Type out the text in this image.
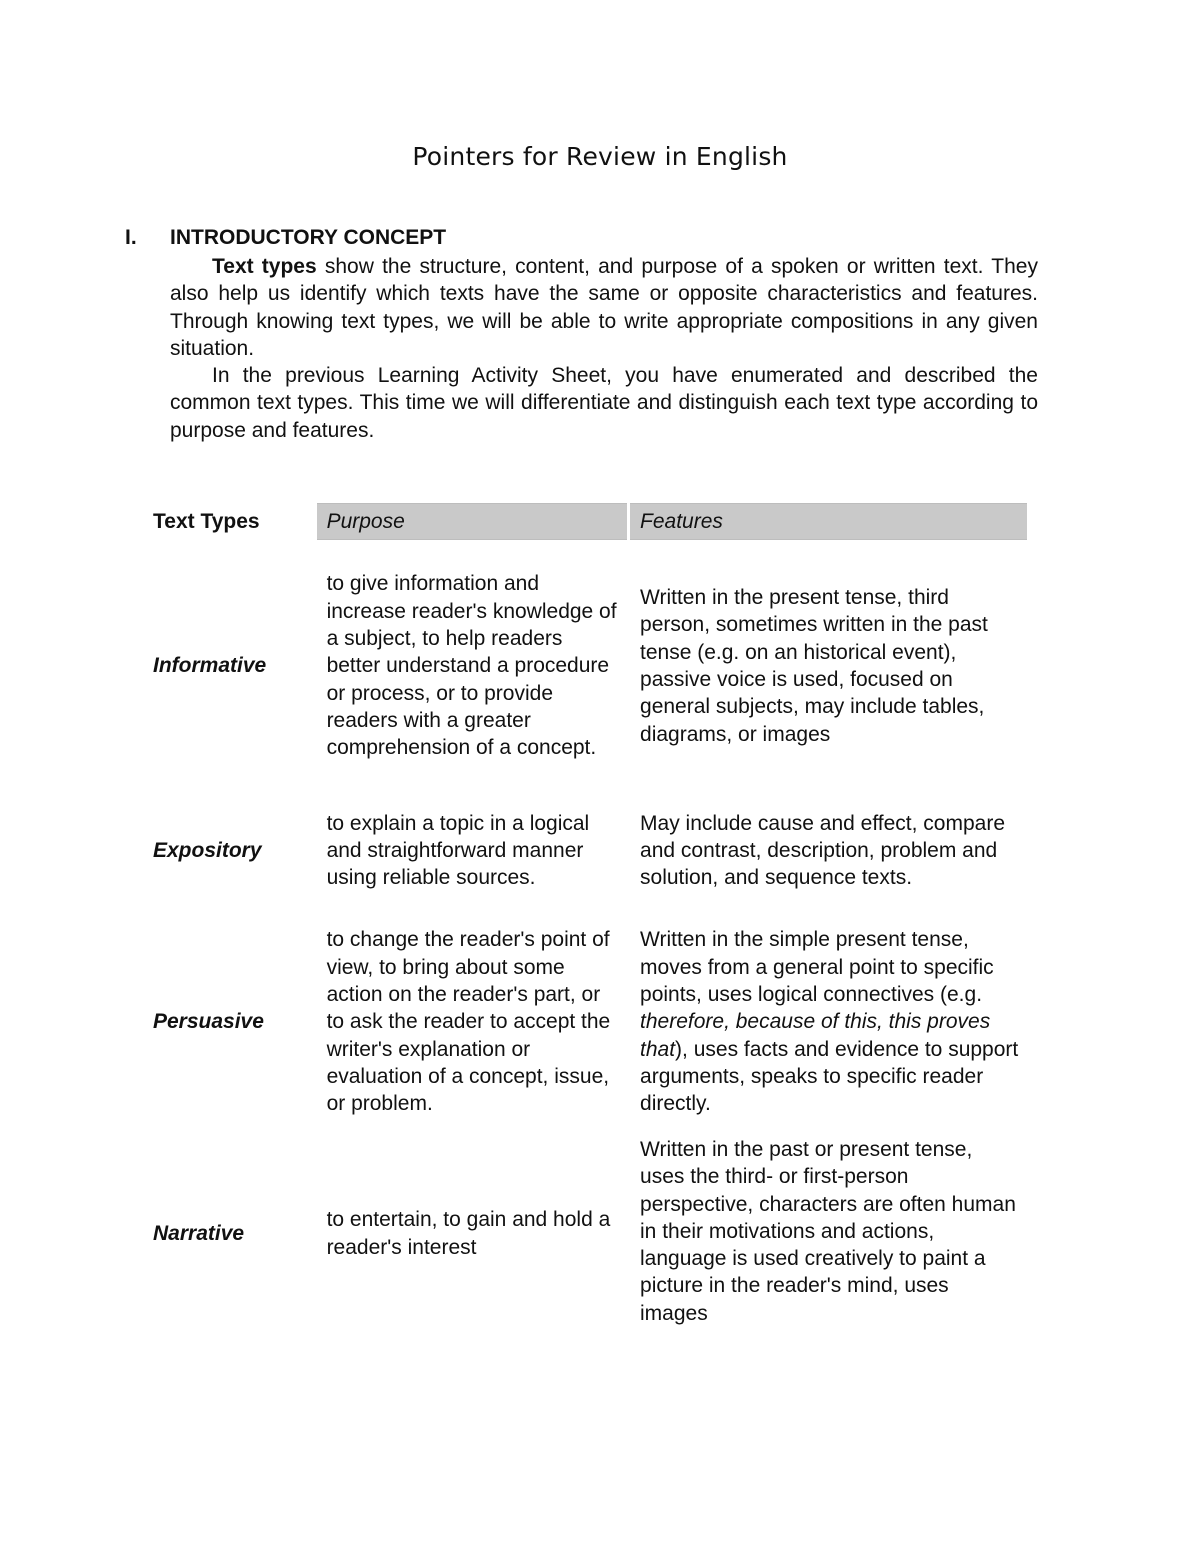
Pointers for Review in English
I. INTRODUCTORY CONCEPT

Text types show the structure, content, and purpose of a spoken or written text. They also help us identify which texts have the same or opposite characteristics and features. Through knowing text types, we will be able to write appropriate compositions in any given situation.

In the previous Learning Activity Sheet, you have enumerated and described the common text types. This time we will differentiate and distinguish each text type according to purpose and features.

Text Types	Purpose	Features
Informative	to give information and increase reader's knowledge of a subject, to help readers better understand a procedure or process, or to provide readers with a greater comprehension of a concept.	Written in the present tense, third person, sometimes written in the past tense (e.g. on an historical event), passive voice is used, focused on general subjects, may include tables, diagrams, or images
Expository	to explain a topic in a logical and straightforward manner using reliable sources.	May include cause and effect, compare and contrast, description, problem and solution, and sequence texts.
Persuasive	to change the reader's point of view, to bring about some action on the reader's part, or to ask the reader to accept the writer's explanation or evaluation of a concept, issue, or problem.	Written in the simple present tense, moves from a general point to specific points, uses logical connectives (e.g. therefore, because of this, this proves that), uses facts and evidence to support arguments, speaks to specific reader directly.
Narrative	to entertain, to gain and hold a reader's interest	Written in the past or present tense, uses the third- or first-person perspective, characters are often human in their motivations and actions, language is used creatively to paint a picture in the reader's mind, uses images
